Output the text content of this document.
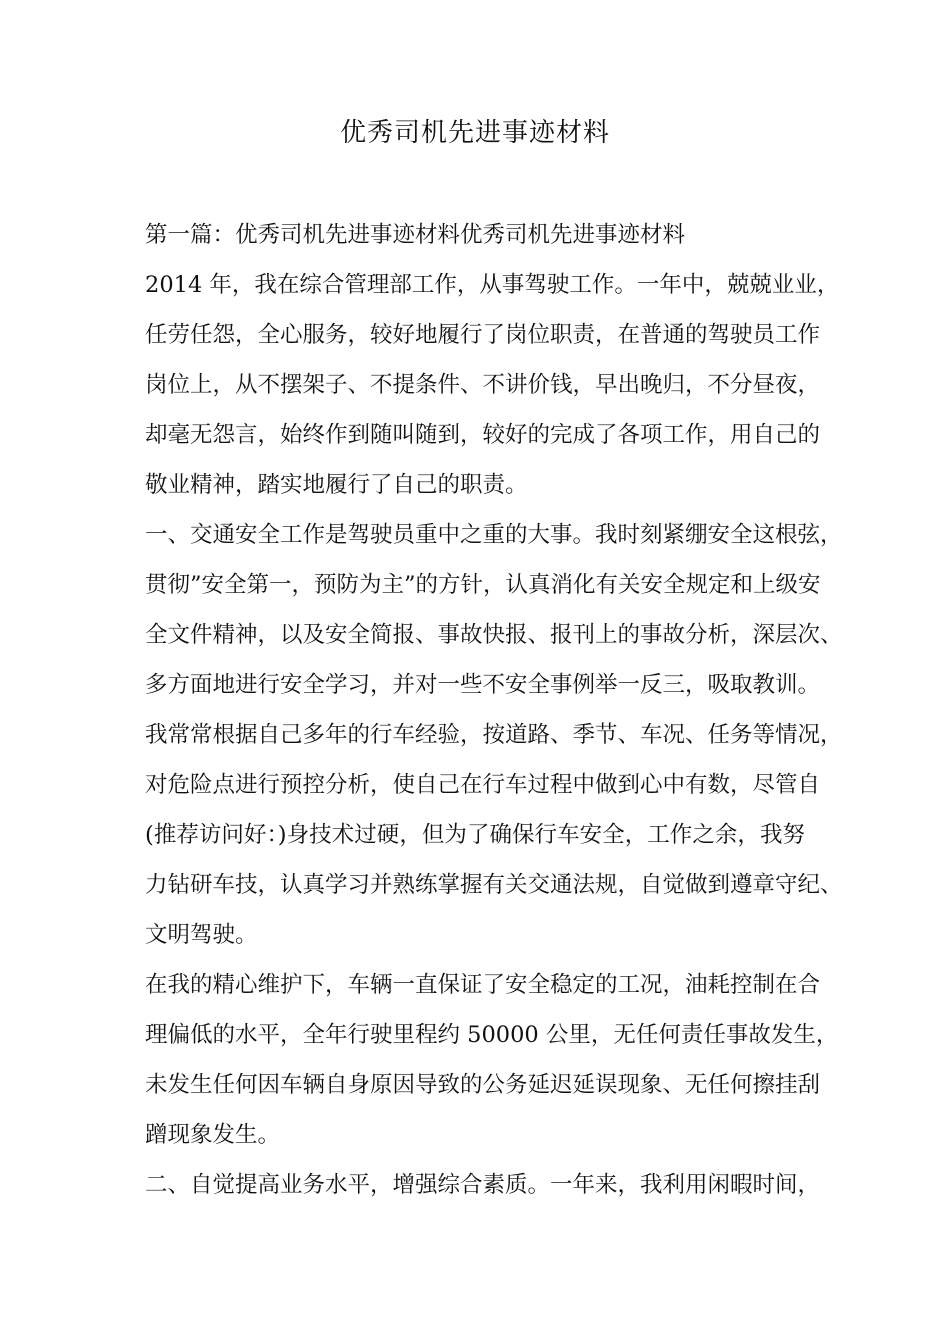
优秀司机先进事迹材料
第一篇：优秀司机先进事迹材料优秀司机先进事迹材料
2014 年，我在综合管理部工作，从事驾驶工作。一年中，兢兢业业，
任劳任怨，全心服务，较好地履行了岗位职责，在普通的驾驶员工作
岗位上，从不摆架子、不提条件、不讲价钱，早出晚归，不分昼夜，
却毫无怨言，始终作到随叫随到，较好的完成了各项工作，用自己的
敬业精神，踏实地履行了自己的职责。
一、交通安全工作是驾驶员重中之重的大事。我时刻紧绷安全这根弦，
贯彻”安全第一，预防为主”的方针，认真消化有关安全规定和上级安
全文件精神，以及安全简报、事故快报、报刊上的事故分析，深层次、
多方面地进行安全学习，并对一些不安全事例举一反三，吸取教训。
我常常根据自己多年的行车经验，按道路、季节、车况、任务等情况，
对危险点进行预控分析，使自己在行车过程中做到心中有数，尽管自
(推荐访问好：)身技术过硬，但为了确保行车安全，工作之余，我努
力钻研车技，认真学习并熟练掌握有关交通法规，自觉做到遵章守纪、
文明驾驶。
在我的精心维护下，车辆一直保证了安全稳定的工况，油耗控制在合
理偏低的水平，全年行驶里程约 50000 公里，无任何责任事故发生，
未发生任何因车辆自身原因导致的公务延迟延误现象、无任何擦挂刮
蹭现象发生。
二、自觉提高业务水平，增强综合素质。一年来，我利用闲暇时间，
